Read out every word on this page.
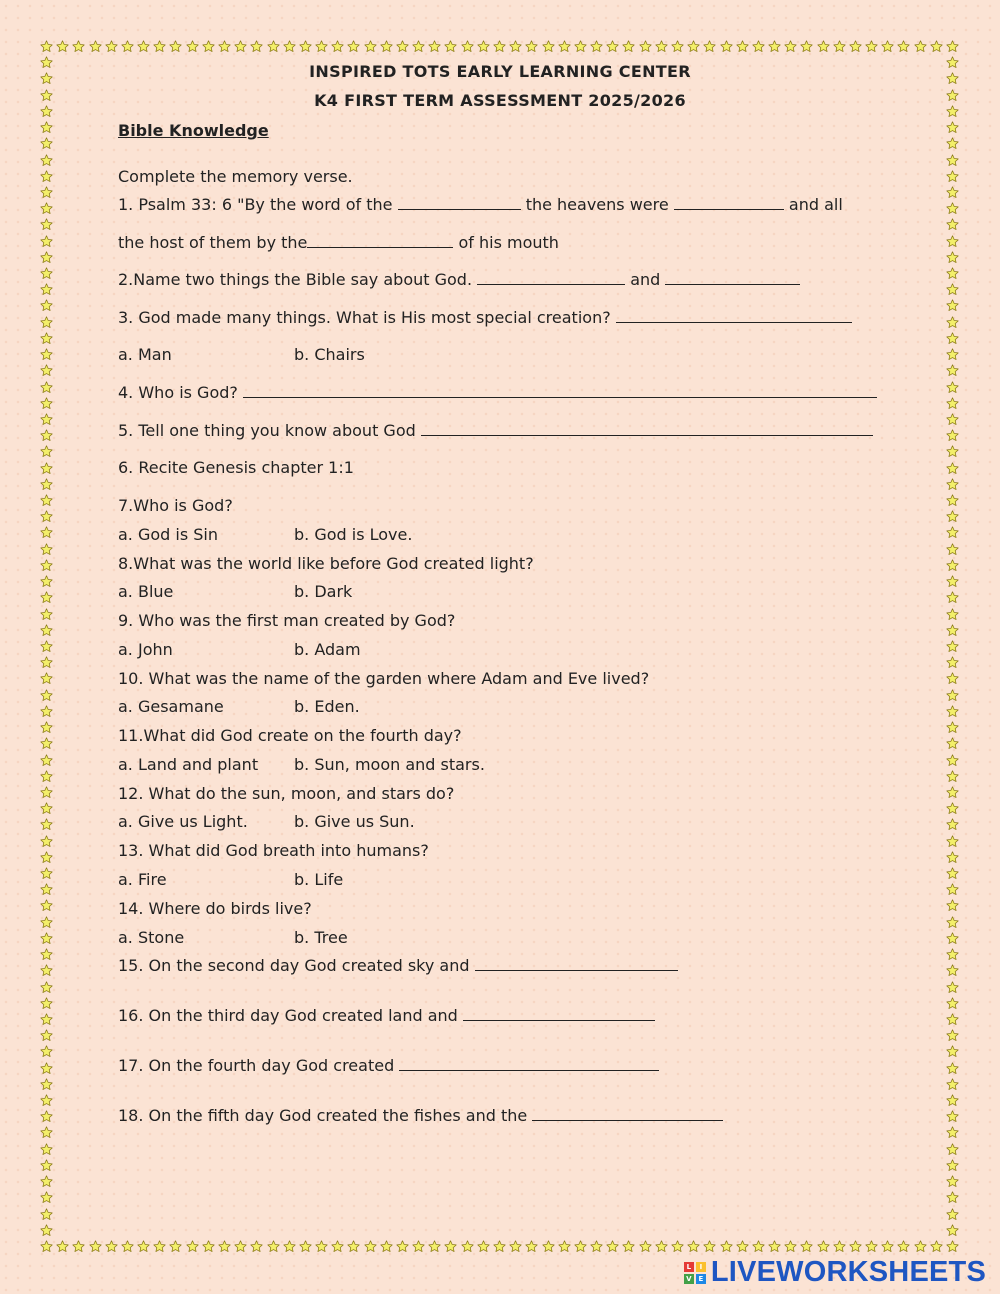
INSPIRED TOTS EARLY LEARNING CENTER
K4 FIRST TERM ASSESSMENT 2025/2026
Bible Knowledge
Complete the memory verse.
1. Psalm 33: 6 "By the word of the	the heavens were	and all
the host of them by the	of his mouth
2.Name two things the Bible say about God.	and
3. God made many things. What is His most special creation?
a. Man	b. Chairs
4. Who is God?
5. Tell one thing you know about God
6. Recite Genesis chapter 1:1
7.Who is God?
a. God is Sin	b. God is Love.
8.What was the world like before God created light?
a. Blue	b. Dark
9. Who was the first man created by God?
a. John	b. Adam
10. What was the name of the garden where Adam and Eve lived?
a. Gesamane	b. Eden.
11.What did God create on the fourth day?
a. Land and plant b. Sun, moon and stars.
12. What do the sun, moon, and stars do?
a. Give us Light.	b. Give us Sun.
13. What did God breath into humans?
a. Fire	b. Life
14. Where do birds live?
a. Stone	b. Tree
15. On the second day God created sky and
16. On the third day God created land and
17. On the fourth day God created
18. On the fifth day God created the fishes and the
L	I
V E LIVEWORKSHEETS
